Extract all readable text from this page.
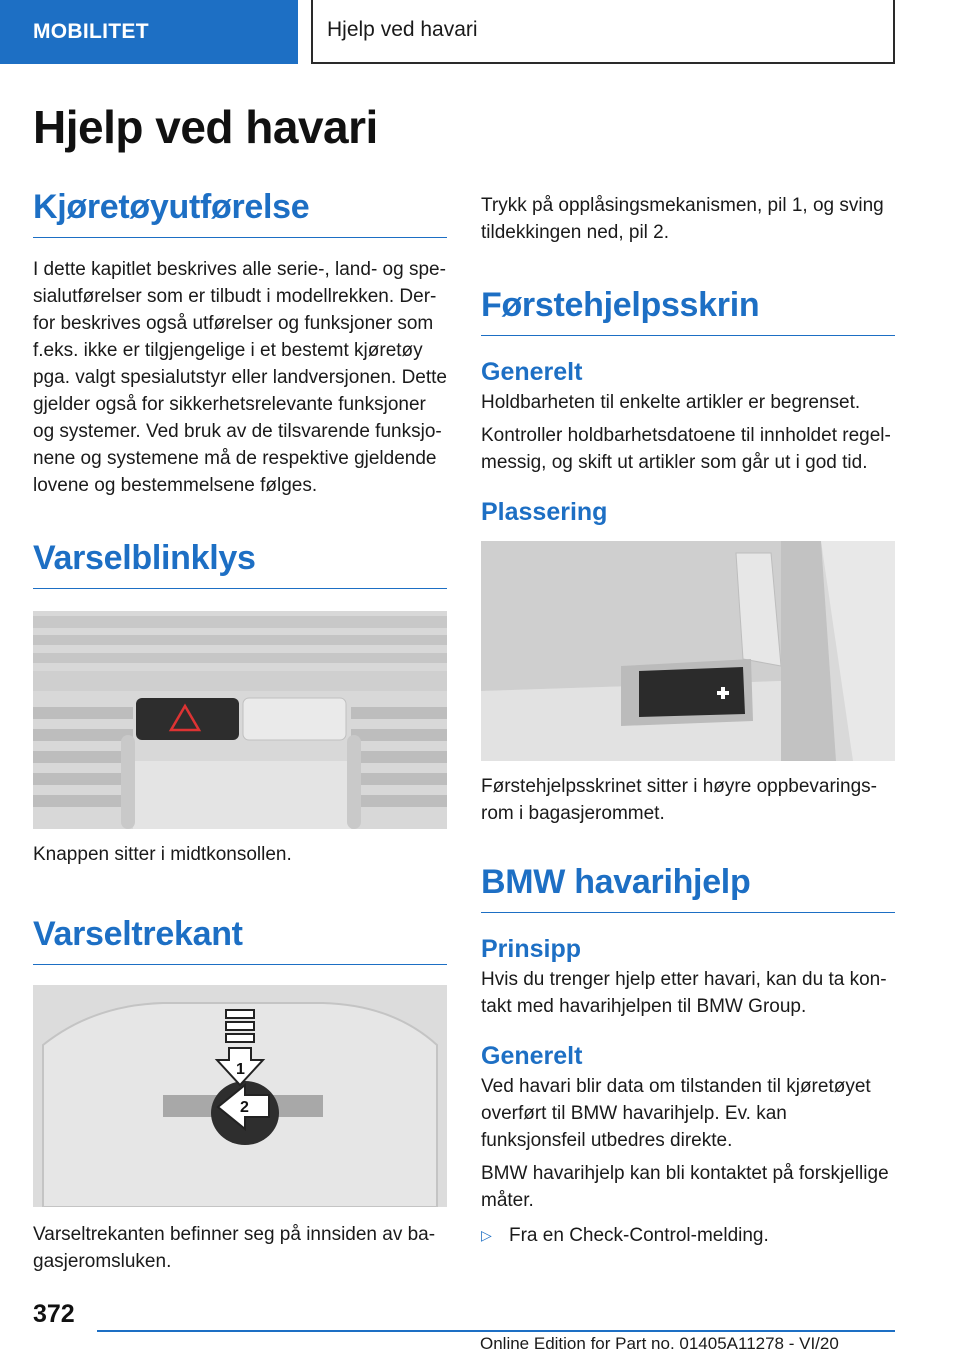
MOBILITET	Hjelp ved havari
Hjelp ved havari
Kjøretøyutførelse

I dette kapitlet beskrives alle serie-, land- og spesialutførelser som er tilbudt i modellrekken. Derfor beskrives også utførelser og funksjoner som f.eks. ikke er tilgjengelige i et bestemt kjøretøy pga. valgt spesialutstyr eller landversjonen. Dette gjelder også for sikkerhetsrelevante funksjoner og systemer. Ved bruk av de tilsvarende funksjonene og systemene må de respektive gjeldende lovene og bestemmelsene følges.

Varselblinklys

Knappen sitter i midtkonsollen.

Varseltrekant
1
2

Varseltrekanten befinner seg på innsiden av bagasjeromsluken.

Trykk på opplåsingsmekanismen, pil 1, og sving tildekkingen ned, pil 2.

Førstehjelpsskrin
Generelt

Holdbarheten til enkelte artikler er begrenset.

Kontroller holdbarhetsdatoene til innholdet regelmessig, og skift ut artikler som går ut i god tid.

Plassering

Førstehjelpsskrinet sitter i høyre oppbevaringsrom i bagasjerommet.

BMW havarihjelp
Prinsipp

Hvis du trenger hjelp etter havari, kan du ta kontakt med havarihjelpen til BMW Group.

Generelt

Ved havari blir data om tilstanden til kjøretøyet overført til BMW havarihjelp. Ev. kan funksjonsfeil utbedres direkte.

BMW havarihjelp kan bli kontaktet på forskjellige måter.

▷ Fra en Check-Control-melding.
372
Online Edition for Part no. 01405A11278 - VI/20
